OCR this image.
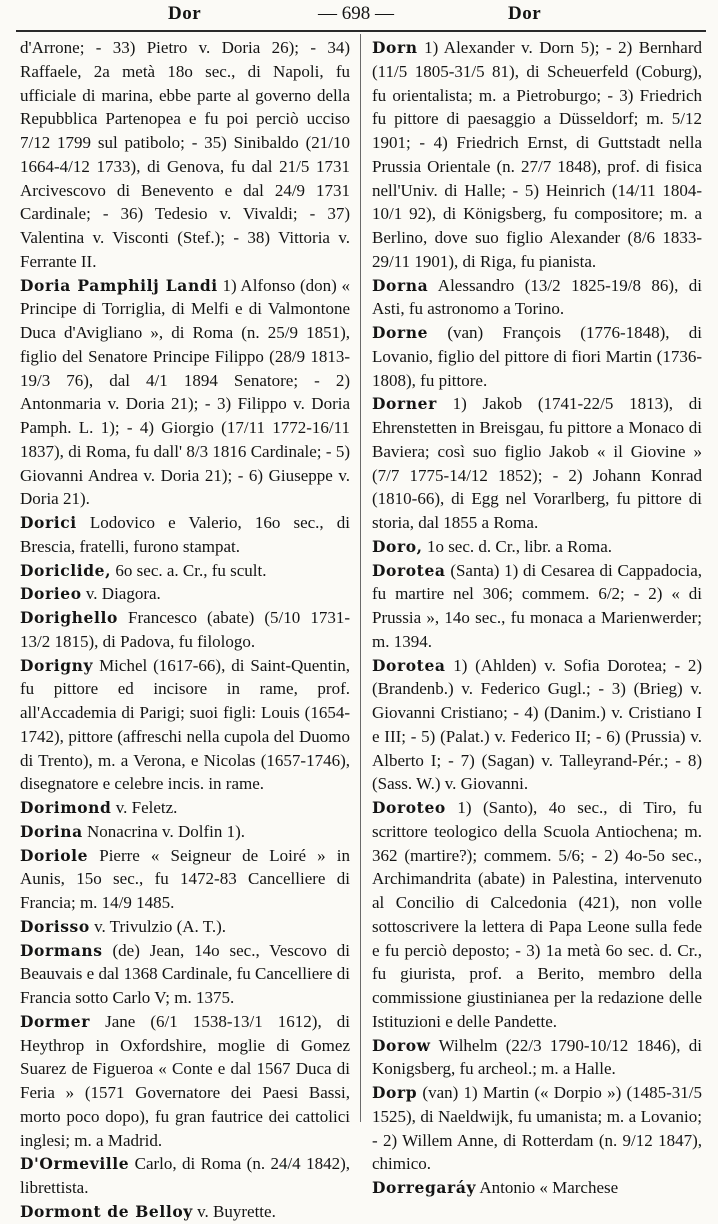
Dor	— 698 —	Dor

d'Arrone; - 33) Pietro v. Doria 26); - 34) Raffaele, 2a metà 18o sec., di Napoli, fu ufficiale di marina, ebbe parte al governo della Repubblica Partenopea e fu poi perciò ucciso 7/12 1799 sul patibolo; - 35) Sinibaldo (21/10 1664-4/12 1733), di Genova, fu dal 21/5 1731 Arcivescovo di Benevento e dal 24/9 1731 Cardinale; - 36) Tedesio v. Vivaldi; - 37) Valentina v. Visconti (Stef.); - 38) Vittoria v. Ferrante II.

Doria Pamphilj Landi 1) Alfonso (don) « Principe di Torriglia, di Melfi e di Valmontone Duca d'Avigliano », di Roma (n. 25/9 1851), figlio del Senatore Principe Filippo (28/9 1813-19/3 76), dal 4/1 1894 Senatore; - 2) Antonmaria v. Doria 21); - 3) Filippo v. Doria Pamph. L. 1); - 4) Giorgio (17/11 1772-16/11 1837), di Roma, fu dall' 8/3 1816 Cardinale; - 5) Giovanni Andrea v. Doria 21); - 6) Giuseppe v. Doria 21).

Dorici Lodovico e Valerio, 16o sec., di Brescia, fratelli, furono stampat.

Doriclide, 6o sec. a. Cr., fu scult.

Dorieo v. Diagora.

Dorighello Francesco (abate) (5/10 1731-13/2 1815), di Padova, fu filologo.

Dorigny Michel (1617-66), di Saint-Quentin, fu pittore ed incisore in rame, prof. all'Accademia di Parigi; suoi figli: Louis (1654-1742), pittore (affreschi nella cupola del Duomo di Trento), m. a Verona, e Nicolas (1657-1746), disegnatore e celebre incis. in rame.

Dorimond v. Feletz.

Dorina Nonacrina v. Dolfin 1).

Doriole Pierre « Seigneur de Loiré » in Aunis, 15o sec., fu 1472-83 Cancelliere di Francia; m. 14/9 1485.

Dorisso v. Trivulzio (A. T.).

Dormans (de) Jean, 14o sec., Vescovo di Beauvais e dal 1368 Cardinale, fu Cancelliere di Francia sotto Carlo V; m. 1375.

Dormer Jane (6/1 1538-13/1 1612), di Heythrop in Oxfordshire, moglie di Gomez Suarez de Figueroa « Conte e dal 1567 Duca di Feria » (1571 Governatore dei Paesi Bassi, morto poco dopo), fu gran fautrice dei cattolici inglesi; m. a Madrid.

D'Ormeville Carlo, di Roma (n. 24/4 1842), librettista.

Dormont de Belloy v. Buyrette.

Dorn 1) Alexander v. Dorn 5); - 2) Bernhard (11/5 1805-31/5 81), di Scheuerfeld (Coburg), fu orientalista; m. a Pietroburgo; - 3) Friedrich fu pittore di paesaggio a Düsseldorf; m. 5/12 1901; - 4) Friedrich Ernst, di Guttstadt nella Prussia Orientale (n. 27/7 1848), prof. di fisica nell'Univ. di Halle; - 5) Heinrich (14/11 1804-10/1 92), di Königsberg, fu compositore; m. a Berlino, dove suo figlio Alexander (8/6 1833-29/11 1901), di Riga, fu pianista.

Dorna Alessandro (13/2 1825-19/8 86), di Asti, fu astronomo a Torino.

Dorne (van) François (1776-1848), di Lovanio, figlio del pittore di fiori Martin (1736-1808), fu pittore.

Dorner 1) Jakob (1741-22/5 1813), di Ehrenstetten in Breisgau, fu pittore a Monaco di Baviera; così suo figlio Jakob « il Giovine » (7/7 1775-14/12 1852); - 2) Johann Konrad (1810-66), di Egg nel Vorarlberg, fu pittore di storia, dal 1855 a Roma.

Doro, 1o sec. d. Cr., libr. a Roma.

Dorotea (Santa) 1) di Cesarea di Cappadocia, fu martire nel 306; commem. 6/2; - 2) « di Prussia », 14o sec., fu monaca a Marienwerder; m. 1394.

Dorotea 1) (Ahlden) v. Sofia Dorotea; - 2) (Brandenb.) v. Federico Gugl.; - 3) (Brieg) v. Giovanni Cristiano; - 4) (Danim.) v. Cristiano I e III; - 5) (Palat.) v. Federico II; - 6) (Prussia) v. Alberto I; - 7) (Sagan) v. Talleyrand-Pér.; - 8) (Sass. W.) v. Giovanni.

Doroteo 1) (Santo), 4o sec., di Tiro, fu scrittore teologico della Scuola Antiochena; m. 362 (martire?); commem. 5/6; - 2) 4o-5o sec., Archimandrita (abate) in Palestina, intervenuto al Concilio di Calcedonia (421), non volle sottoscrivere la lettera di Papa Leone sulla fede e fu perciò deposto; - 3) 1a metà 6o sec. d. Cr., fu giurista, prof. a Berito, membro della commissione giustinianea per la redazione delle Istituzioni e delle Pandette.

Dorow Wilhelm (22/3 1790-10/12 1846), di Konigsberg, fu archeol.; m. a Halle.

Dorp (van) 1) Martin (« Dorpio ») (1485-31/5 1525), di Naeldwijk, fu umanista; m. a Lovanio; - 2) Willem Anne, di Rotterdam (n. 9/12 1847), chimico.

Dorregaráy Antonio « Marchese
